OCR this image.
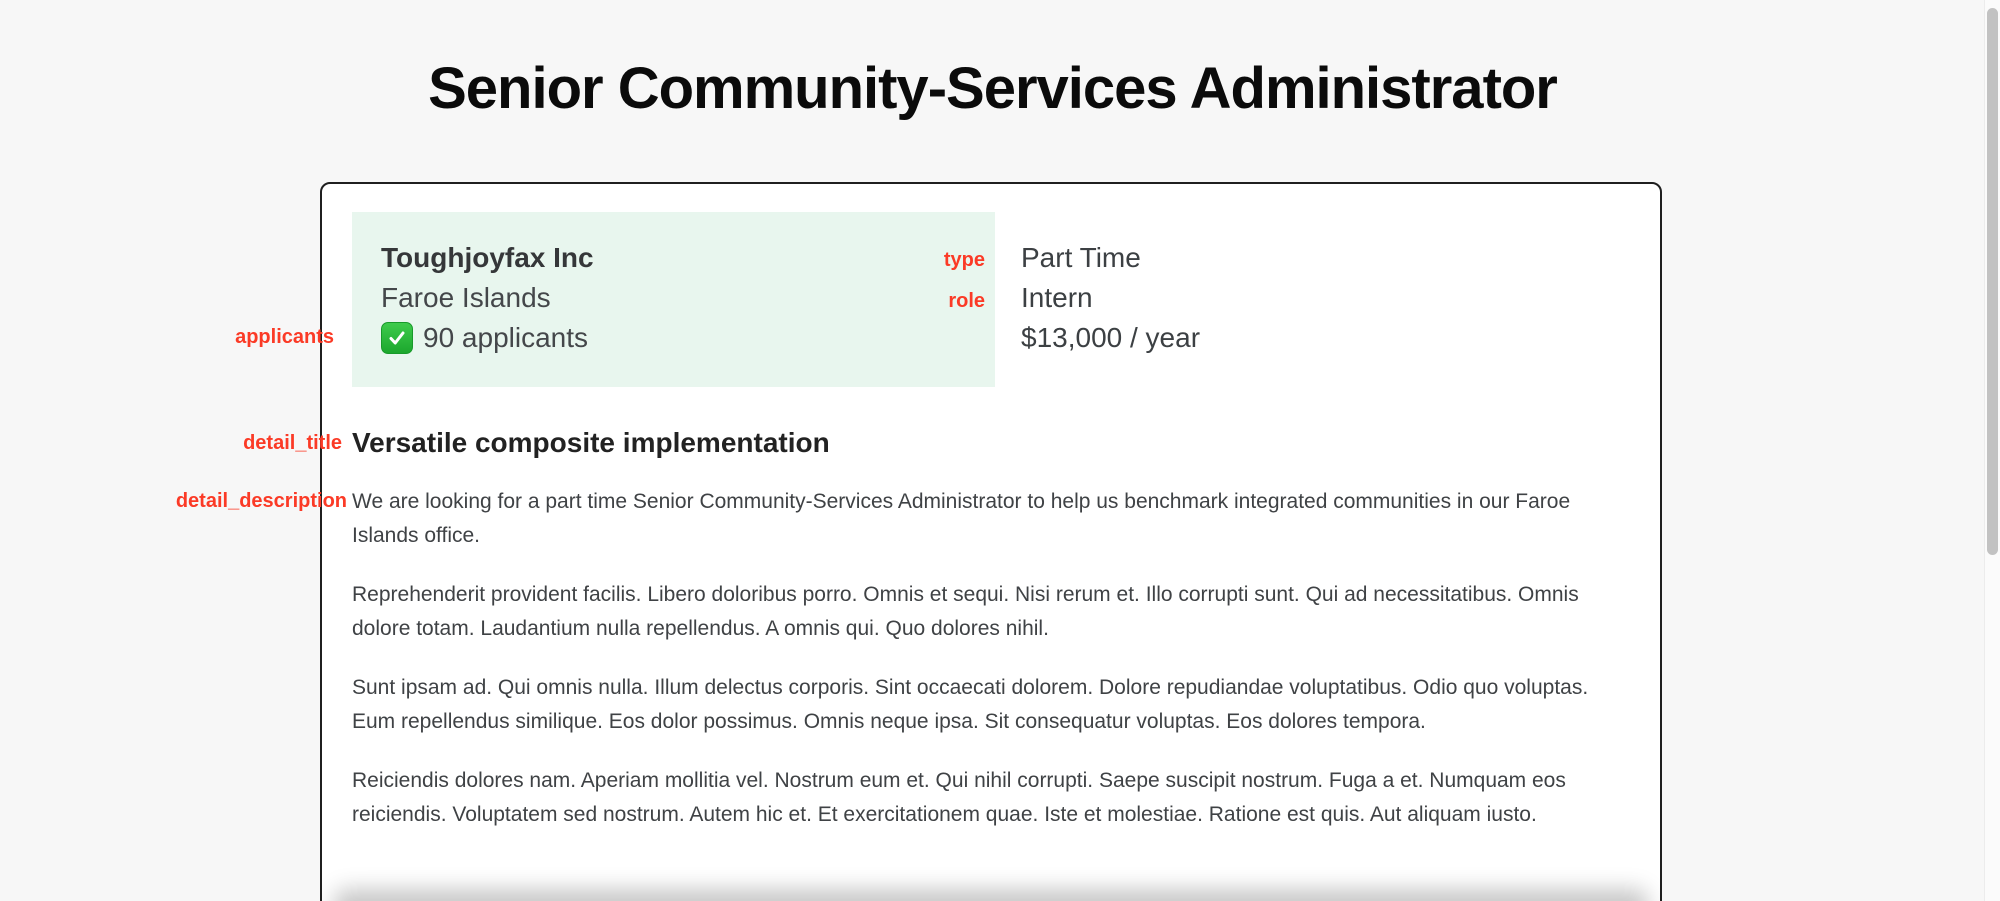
Senior Community-Services Administrator
Toughjoyfax Inc
Faroe Islands
90 applicants
type
role
Part Time
Intern
$13,000 / year
Versatile composite implementation

We are looking for a part time Senior Community-Services Administrator to help us benchmark integrated communities in our Faroe Islands office.

Reprehenderit provident facilis. Libero doloribus porro. Omnis et sequi. Nisi rerum et. Illo corrupti sunt. Qui ad necessitatibus. Omnis dolore totam. Laudantium nulla repellendus. A omnis qui. Quo dolores nihil.

Sunt ipsam ad. Qui omnis nulla. Illum delectus corporis. Sint occaecati dolorem. Dolore repudiandae voluptatibus. Odio quo voluptas. Eum repellendus similique. Eos dolor possimus. Omnis neque ipsa. Sit consequatur voluptas. Eos dolores tempora.

Reiciendis dolores nam. Aperiam mollitia vel. Nostrum eum et. Qui nihil corrupti. Saepe suscipit nostrum. Fuga a et. Numquam eos reiciendis. Voluptatem sed nostrum. Autem hic et. Et exercitationem quae. Iste et molestiae. Ratione est quis. Aut aliquam iusto.

applicants
detail_title
detail_description
